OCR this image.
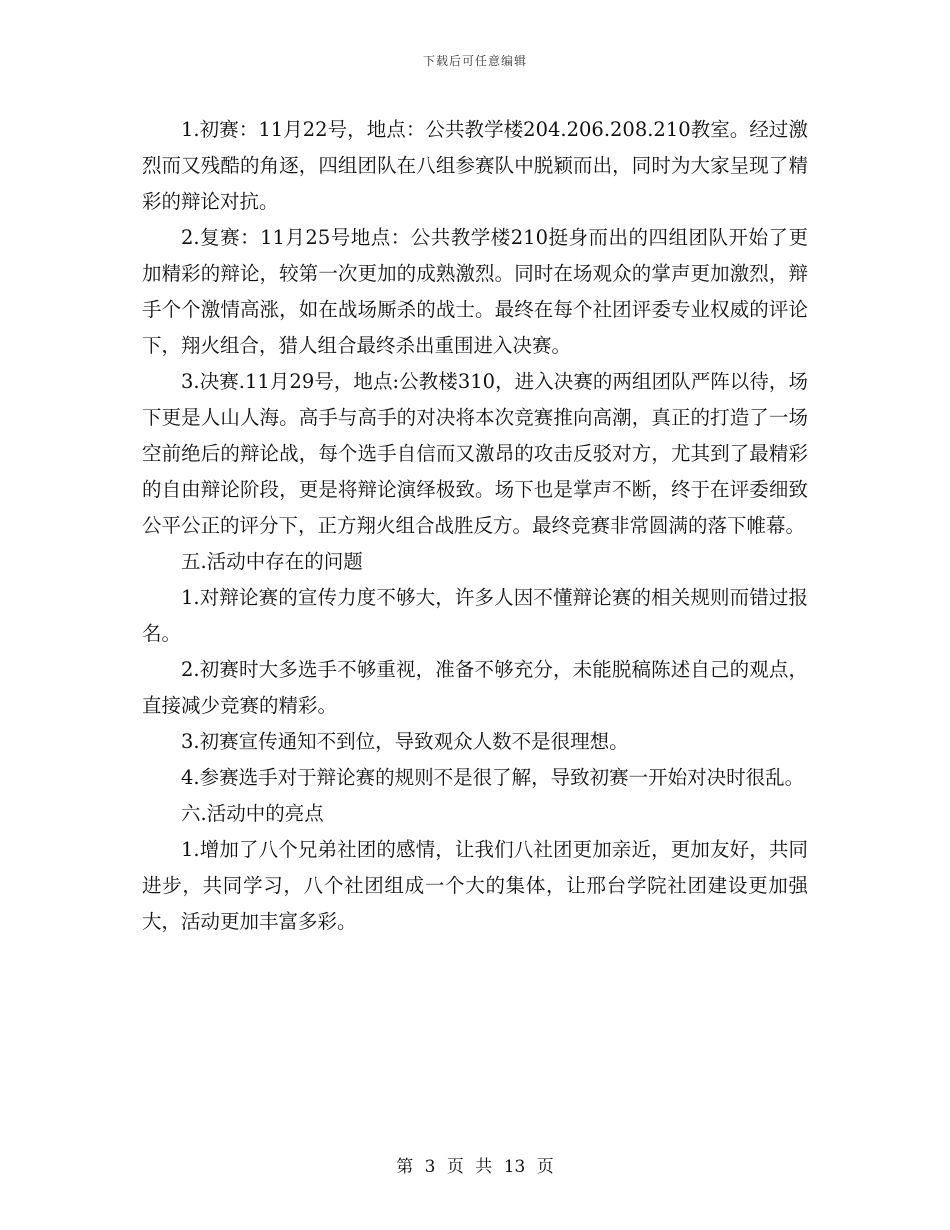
下载后可任意编辑

1.初赛：11月22号，地点：公共教学楼204.206.208.210教室。经过激烈而又残酷的角逐，四组团队在八组参赛队中脱颖而出，同时为大家呈现了精彩的辩论对抗。

2.复赛：11月25号地点：公共教学楼210挺身而出的四组团队开始了更加精彩的辩论，较第一次更加的成熟激烈。同时在场观众的掌声更加激烈，辩手个个激情高涨，如在战场厮杀的战士。最终在每个社团评委专业权威的评论下，翔火组合，猎人组合最终杀出重围进入决赛。

3.决赛.11月29号，地点:公教楼310，进入决赛的两组团队严阵以待，场下更是人山人海。高手与高手的对决将本次竞赛推向高潮，真正的打造了一场空前绝后的辩论战，每个选手自信而又激昂的攻击反驳对方，尤其到了最精彩的自由辩论阶段，更是将辩论演绎极致。场下也是掌声不断，终于在评委细致公平公正的评分下，正方翔火组合战胜反方。最终竞赛非常圆满的落下帷幕。

五.活动中存在的问题

1.对辩论赛的宣传力度不够大，许多人因不懂辩论赛的相关规则而错过报名。

2.初赛时大多选手不够重视，准备不够充分，未能脱稿陈述自己的观点，直接减少竞赛的精彩。

3.初赛宣传通知不到位，导致观众人数不是很理想。

4.参赛选手对于辩论赛的规则不是很了解，导致初赛一开始对决时很乱。

六.活动中的亮点

1.增加了八个兄弟社团的感情，让我们八社团更加亲近，更加友好，共同进步，共同学习，八个社团组成一个大的集体，让邢台学院社团建设更加强大，活动更加丰富多彩。

第 3 页 共 13 页
